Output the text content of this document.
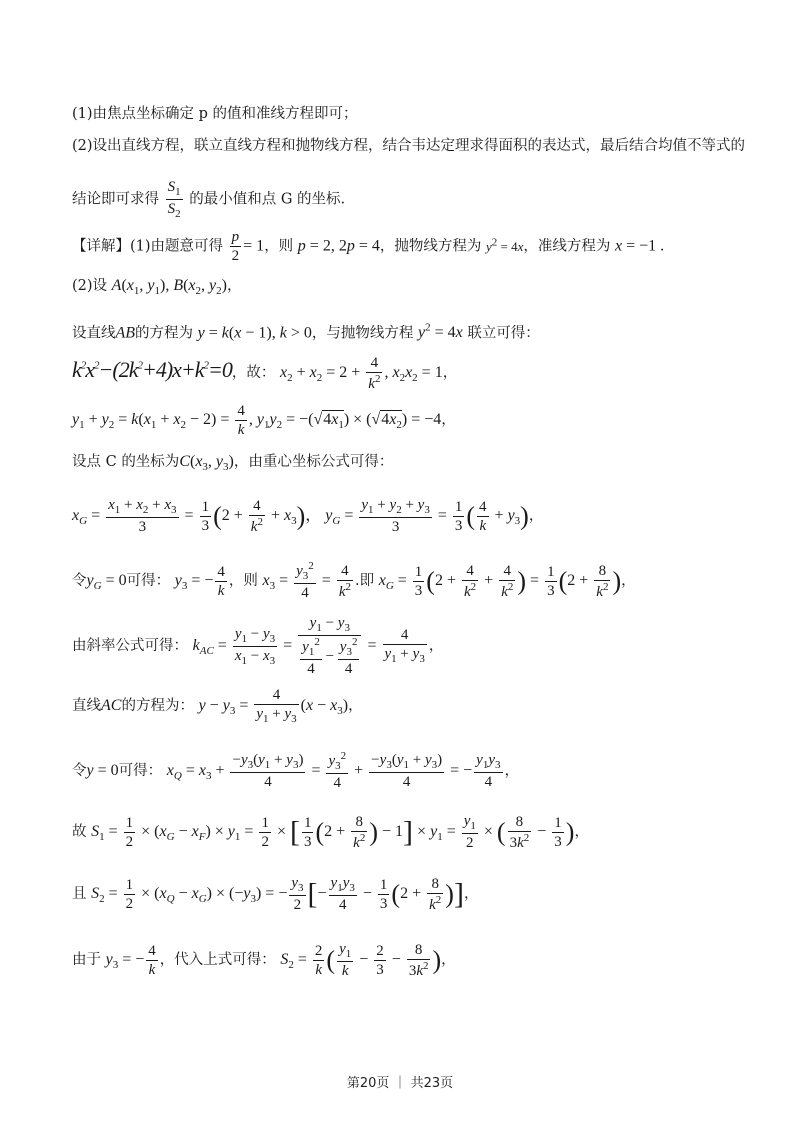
(1)由焦点坐标确定 p 的值和准线方程即可；
(2)设出直线方程，联立直线方程和抛物线方程，结合韦达定理求得面积的表达式，最后结合均值不等式的
结论即可求得 $\frac{S_1}{S_2}$ 的最小值和点 G 的坐标.
【详解】(1)由题意可得 $\frac{p}{2} = 1$，则 p = 2, 2p = 4，抛物线方程为 $y^2 = 4x$，准线方程为 x = −1 .
(2)设 $A(x_1$, $y_1$), $B(x_2$, $y_2$)，
设直线AB的方程为 y = k(x − 1), k > 0，与抛物线方程 $y^2 = 4x$ 联立可得：
$k^2x^2-(2k^2+4)x+k^2=0$，故： $x_2 + x_2 = 2 + \frac{4}{k^2}$ , $x_2x_2 = 1$，
$y_1 + y_2 = k(x_1 + x_2 - 2) = \frac{4}{k}$ , $y_1y_2 = -(√4x_1) \times (√4x_2) = -4$，
设点 C 的坐标为$C(x_3$, $y_3$)，由重心坐标公式可得：
$x_G = \frac{x_1 + x_2 + x_3}{3} = \frac{1}{3} (2 + \frac{4}{k^2} + x_3)$， $y_G = \frac{y_1 + y_2 + y_3}{3} = \frac{1}{3}$ ( $\frac{4}{k} + y_3$)，
令$y_G = 0$可得： $y_3$ = − $\frac{4}{k}$ ，则 $x_3 = \frac{y_3^2}{4} = \frac{4}{k^2}$ .即 $x_G = \frac{1}{3} (2 + \frac{4}{k^2} + \frac{4}{k^2}$ ) = $\frac{1}{3} (2 + \frac{8}{k^2}$ )，
由斜率公式可得： $k_{AC} = \frac{y_1 - y_3}{x_1 - x_3} = \frac{y_1 - y_3}{\frac{y_1^2}{4} - \frac{y_3^2}{4}} = \frac{4}{y_1 + y_3}$ ，
直线AC的方程为： $y - y_3 = \frac{4}{y_1 + y_3} (x - x_3)$，
令y = 0可得： $x_Q = x_3 + \frac{-y_3(y_1 + y_3)}{4} = \frac{y_3^2}{4} + \frac{-y_3(y_1 + y_3)}{4}$ = − $\frac{y_1y_3}{4}$ ，
故 $S_1 = \frac{1}{2} \times (x_G - x_F) \times y_1 = \frac{1}{2}$ × [ $\frac{1}{3} (2 + \frac{8}{k^2}$ ) − $1] \times y_1 = \frac{y_1}{2}$ × ( $\frac{8}{3k^2} - \frac{1}{3}$ )，
且 $S_2 = \frac{1}{2} \times (x_Q - x_G) \times (-y_3)$ = − $\frac{y_3}{2}$ [− $\frac{y_1y_3}{4} - \frac{1}{3} (2 + \frac{8}{k^2}$ )]，
由于 $y_3$ = − $\frac{4}{k}$ ，代入上式可得： $S_2 = \frac{2}{k}$ ( $\frac{y_1}{k} - \frac{2}{3} - \frac{8}{3k^2}$ )，
第20页 ｜ 共23页
